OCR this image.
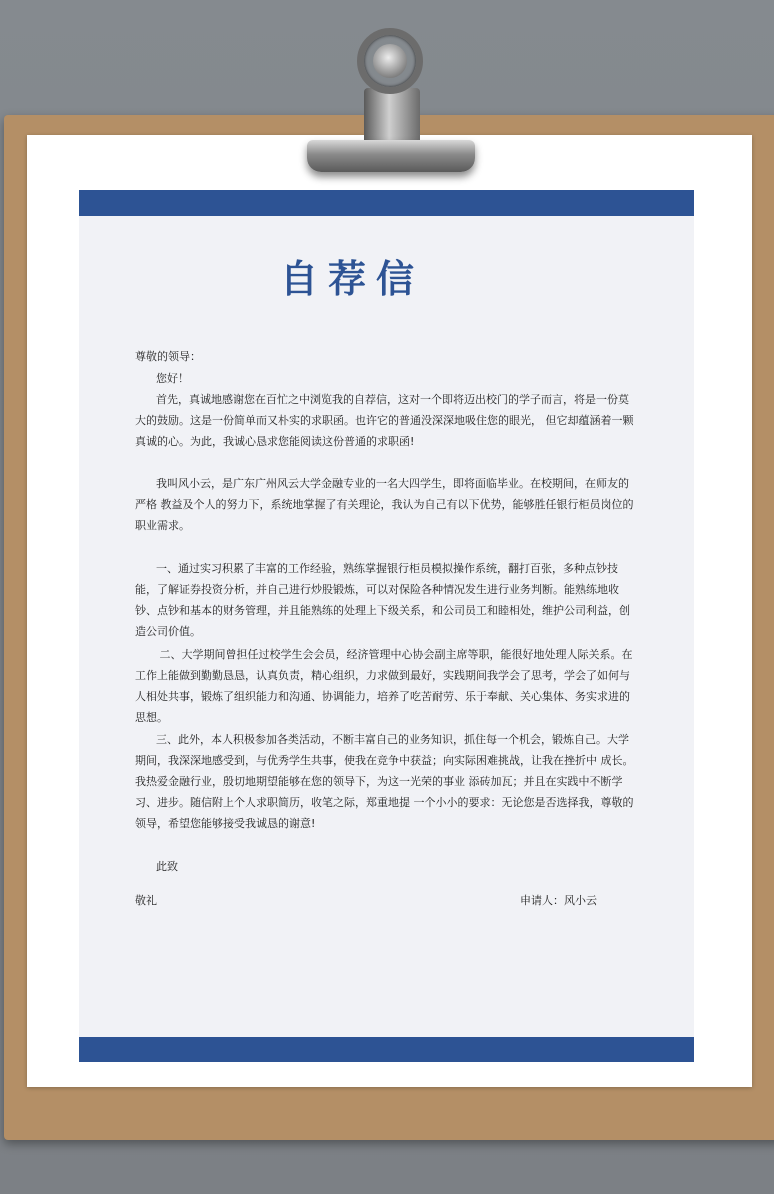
自荐信
尊敬的领导：
您好！
首先，真诚地感谢您在百忙之中浏览我的自荐信，这对一个即将迈出校门的学子而言，将是一份莫大的鼓励。这是一份简单而又朴实的求职函。也许它的普通没深深地吸住您的眼光， 但它却蕴涵着一颗真诚的心。为此，我诚心恳求您能阅读这份普通的求职函!
我叫风小云，是广东广州风云大学金融专业的一名大四学生，即将面临毕业。在校期间，在师友的严格 教益及个人的努力下，系统地掌握了有关理论，我认为自己有以下优势，能够胜任银行柜员岗位的职业需求。
一、通过实习积累了丰富的工作经验，熟练掌握银行柜员模拟操作系统，翻打百张，多种点钞技能，了解证券投资分析，并自己进行炒股锻炼，可以对保险各种情况发生进行业务判断。能熟练地收钞、点钞和基本的财务管理，并且能熟练的处理上下级关系，和公司员工和睦相处，维护公司利益，创造公司价值。
二、大学期间曾担任过校学生会会员，经济管理中心协会副主席等职，能很好地处理人际关系。在工作上能做到勤勤恳恳，认真负责，精心组织，力求做到最好，实践期间我学会了思考，学会了如何与人相处共事，锻炼了组织能力和沟通、协调能力，培养了吃苦耐劳、乐于奉献、关心集体、务实求进的思想。
三、此外，本人积极参加各类活动，不断丰富自己的业务知识，抓住每一个机会，锻炼自己。大学期间，我深深地感受到，与优秀学生共事，使我在竞争中获益；向实际困难挑战，让我在挫折中 成长。我热爱金融行业，殷切地期望能够在您的领导下，为这一光荣的事业 添砖加瓦；并且在实践中不断学习、进步。随信附上个人求职简历，收笔之际，郑重地提 一个小小的要求：无论您是否选择我，尊敬的领导，希望您能够接受我诚恳的谢意!
此致
敬礼	申请人：风小云
